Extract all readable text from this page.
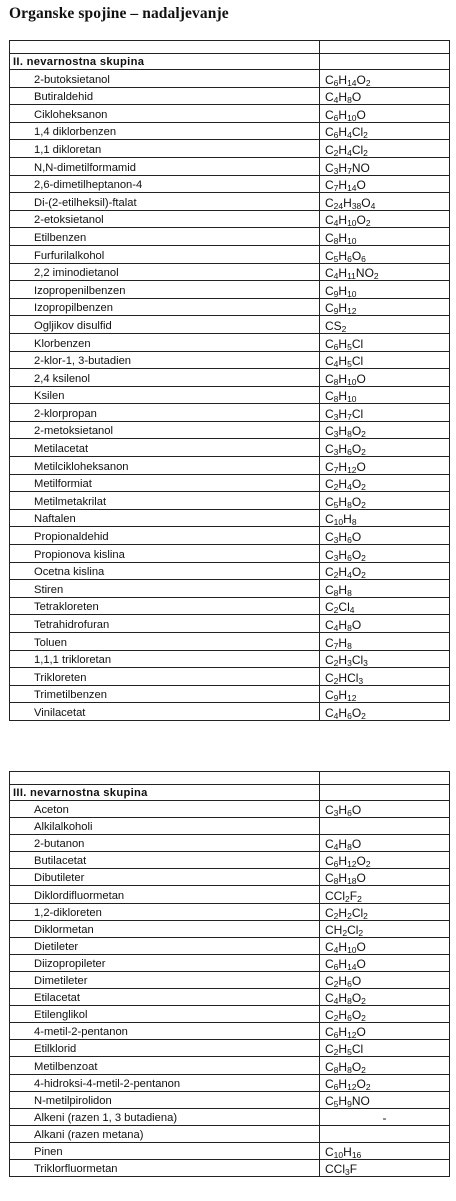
Organske spojine – nadaljevanje

II. nevarnostna skupina	
2-butoksietanol	$C_6H_{14}O_2$
Butiraldehid	$C_4H_8O$
Cikloheksanon	$C_6H_{10}O$
1,4 diklorbenzen	$C_6H_4Cl_2$
1,1 dikloretan	$C_2H_4Cl_2$
N,N-dimetilformamid	$C_3H_7NO$
2,6-dimetilheptanon-4	$C_7H_{14}O$
Di-(2-etilheksil)-ftalat	$C_{24}H_{38}O_4$
2-etoksietanol	$C_4H_{10}O_2$
Etilbenzen	$C_8H_{10}$
Furfurilalkohol	$C_5H_6O_6$
2,2 iminodietanol	$C_4H_{11}NO_2$
Izopropenilbenzen	$C_9H_{10}$
Izopropilbenzen	$C_9H_{12}$
Ogljikov disulfid	$CS_2$
Klorbenzen	$C_6H_5Cl$
2-klor-1, 3-butadien	$C_4H_5Cl$
2,4 ksilenol	$C_8H_{10}O$
Ksilen	$C_8H_{10}$
2-klorpropan	$C_3H_7Cl$
2-metoksietanol	$C_3H_8O_2$
Metilacetat	$C_3H_6O_2$
Metilcikloheksanon	$C_7H_{12}O$
Metilformiat	$C_2H_4O_2$
Metilmetakrilat	$C_5H_8O_2$
Naftalen	$C_{10}H_8$
Propionaldehid	$C_3H_6O$
Propionova kislina	$C_3H_6O_2$
Ocetna kislina	$C_2H_4O_2$
Stiren	$C_8H_8$
Tetrakloreten	$C_2Cl_4$
Tetrahidrofuran	$C_4H_8O$
Toluen	$C_7H_8$
1,1,1 trikloretan	$C_2H_3Cl_3$
Trikloreten	$C_2HCl_3$
Trimetilbenzen	$C_9H_{12}$
Vinilacetat	$C_4H_6O_2$

III. nevarnostna skupina	
Aceton	$C_3H_6O$
Alkilalkoholi	
2-butanon	$C_4H_8O$
Butilacetat	$C_6H_{12}O_2$
Dibutileter	$C_8H_{18}O$
Diklordifluormetan	$CCl_2F_2$
1,2-dikloreten	$C_2H_2Cl_2$
Diklormetan	$CH_2Cl_2$
Dietileter	$C_4H_{10}O$
Diizopropileter	$C_6H_{14}O$
Dimetileter	$C_2H_6O$
Etilacetat	$C_4H_8O_2$
Etilenglikol	$C_2H_6O_2$
4-metil-2-pentanon	$C_6H_{12}O$
Etilklorid	$C_2H_5Cl$
Metilbenzoat	$C_8H_8O_2$
4-hidroksi-4-metil-2-pentanon	$C_6H_{12}O_2$
N-metilpirolidon	$C_5H_9NO$
Alkeni (razen 1, 3 butadiena)	-
Alkani (razen metana)	
Pinen	$C_{10}H_{16}$
Triklorfluormetan	CCl$_3$F
